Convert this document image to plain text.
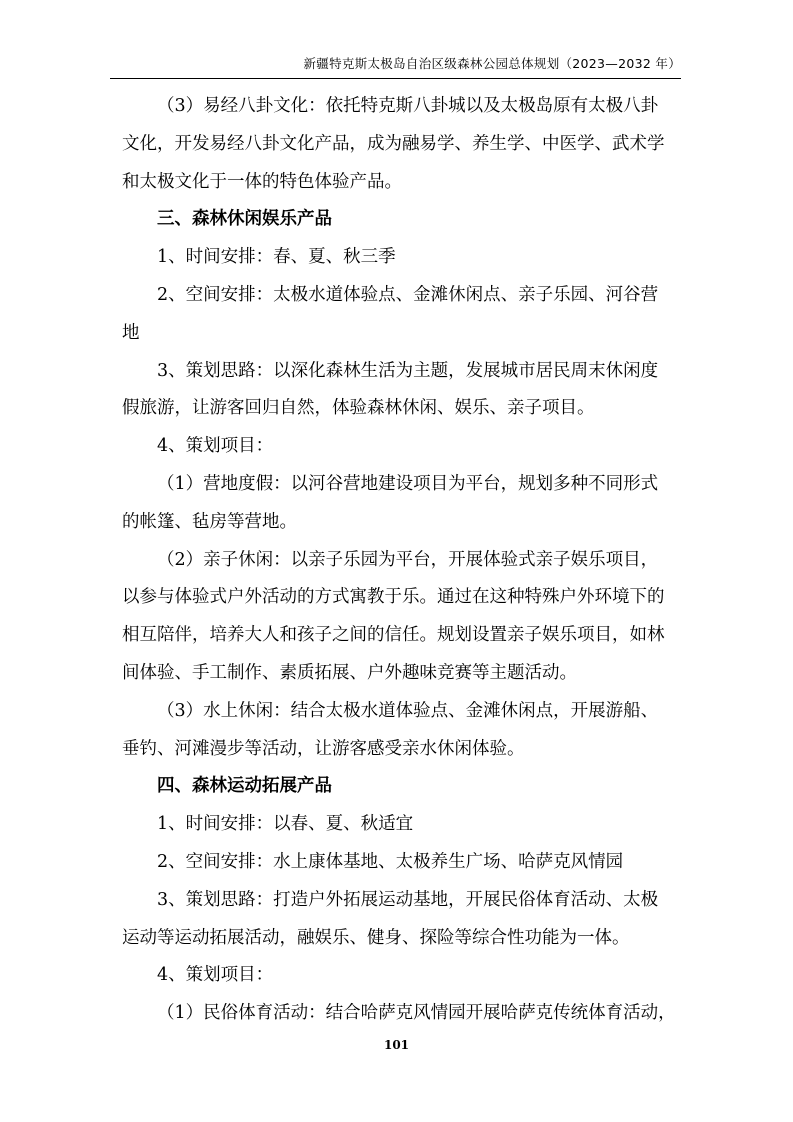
新疆特克斯太极岛自治区级森林公园总体规划（2023—2032 年）

（3）易经八卦文化：依托特克斯八卦城以及太极岛原有太极八卦

文化，开发易经八卦文化产品，成为融易学、养生学、中医学、武术学

和太极文化于一体的特色体验产品。

三、森林休闲娱乐产品

1、时间安排：春、夏、秋三季

2、空间安排：太极水道体验点、金滩休闲点、亲子乐园、河谷营

地

3、策划思路：以深化森林生活为主题，发展城市居民周末休闲度

假旅游，让游客回归自然，体验森林休闲、娱乐、亲子项目。

4、策划项目：

（1）营地度假：以河谷营地建设项目为平台，规划多种不同形式

的帐篷、毡房等营地。

（2）亲子休闲：以亲子乐园为平台，开展体验式亲子娱乐项目，

以参与体验式户外活动的方式寓教于乐。通过在这种特殊户外环境下的

相互陪伴，培养大人和孩子之间的信任。规划设置亲子娱乐项目，如林

间体验、手工制作、素质拓展、户外趣味竞赛等主题活动。

（3）水上休闲：结合太极水道体验点、金滩休闲点，开展游船、

垂钓、河滩漫步等活动，让游客感受亲水休闲体验。

四、森林运动拓展产品

1、时间安排：以春、夏、秋适宜

2、空间安排：水上康体基地、太极养生广场、哈萨克风情园

3、策划思路：打造户外拓展运动基地，开展民俗体育活动、太极

运动等运动拓展活动，融娱乐、健身、探险等综合性功能为一体。

4、策划项目：

（1）民俗体育活动：结合哈萨克风情园开展哈萨克传统体育活动，

101
